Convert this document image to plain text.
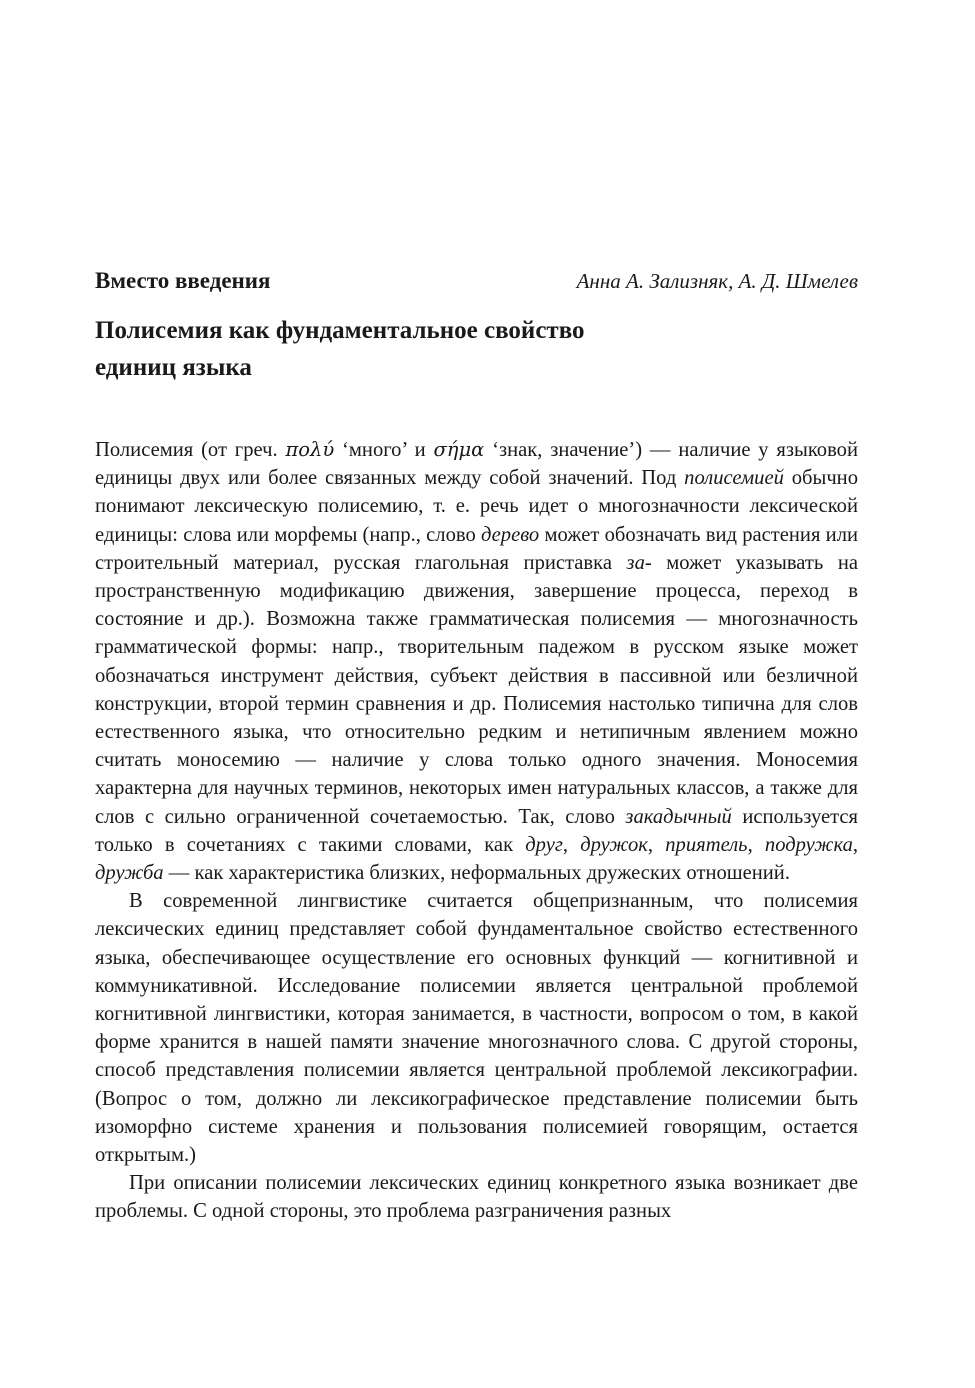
Вместо введения	Анна А. Зализняк, А. Д. Шмелев
Полисемия как фундаментальное свойство
единиц языка

Полисемия (от греч. πολύ ‘много’ и σήμα ‘знак, значение’) — наличие у языковой единицы двух или более связанных между собой значений. Под полисемией обычно понимают лексическую полисемию, т. е. речь идет о многозначности лексической единицы: слова или морфемы (напр., слово дерево может обозначать вид растения или строительный материал, русская глагольная приставка за- может указывать на пространственную модификацию движения, завершение процесса, переход в состояние и др.). Возможна также грамматическая полисемия — многозначность грамматической формы: напр., творительным падежом в русском языке может обозначаться инструмент действия, субъект действия в пассивной или безличной конструкции, второй термин сравнения и др. Полисемия настолько типична для слов естественного языка, что относительно редким и нетипичным явлением можно считать моносемию — наличие у слова только одного значения. Моносемия характерна для научных терминов, некоторых имен натуральных классов, а также для слов с сильно ограниченной сочетаемостью. Так, слово закадычный используется только в сочетаниях с такими словами, как друг, дружок, приятель, подружка, дружба — как характеристика близких, неформальных дружеских отношений.

В современной лингвистике считается общепризнанным, что полисемия лексических единиц представляет собой фундаментальное свойство естественного языка, обеспечивающее осуществление его основных функций — когнитивной и коммуникативной. Исследование полисемии является центральной проблемой когнитивной лингвистики, которая занимается, в частности, вопросом о том, в какой форме хранится в нашей памяти значение многозначного слова. С другой стороны, способ представления полисемии является центральной проблемой лексикографии. (Вопрос о том, должно ли лексикографическое представление полисемии быть изоморфно системе хранения и пользования полисемией говорящим, остается открытым.)

При описании полисемии лексических единиц конкретного языка возникает две проблемы. С одной стороны, это проблема разграничения разных
